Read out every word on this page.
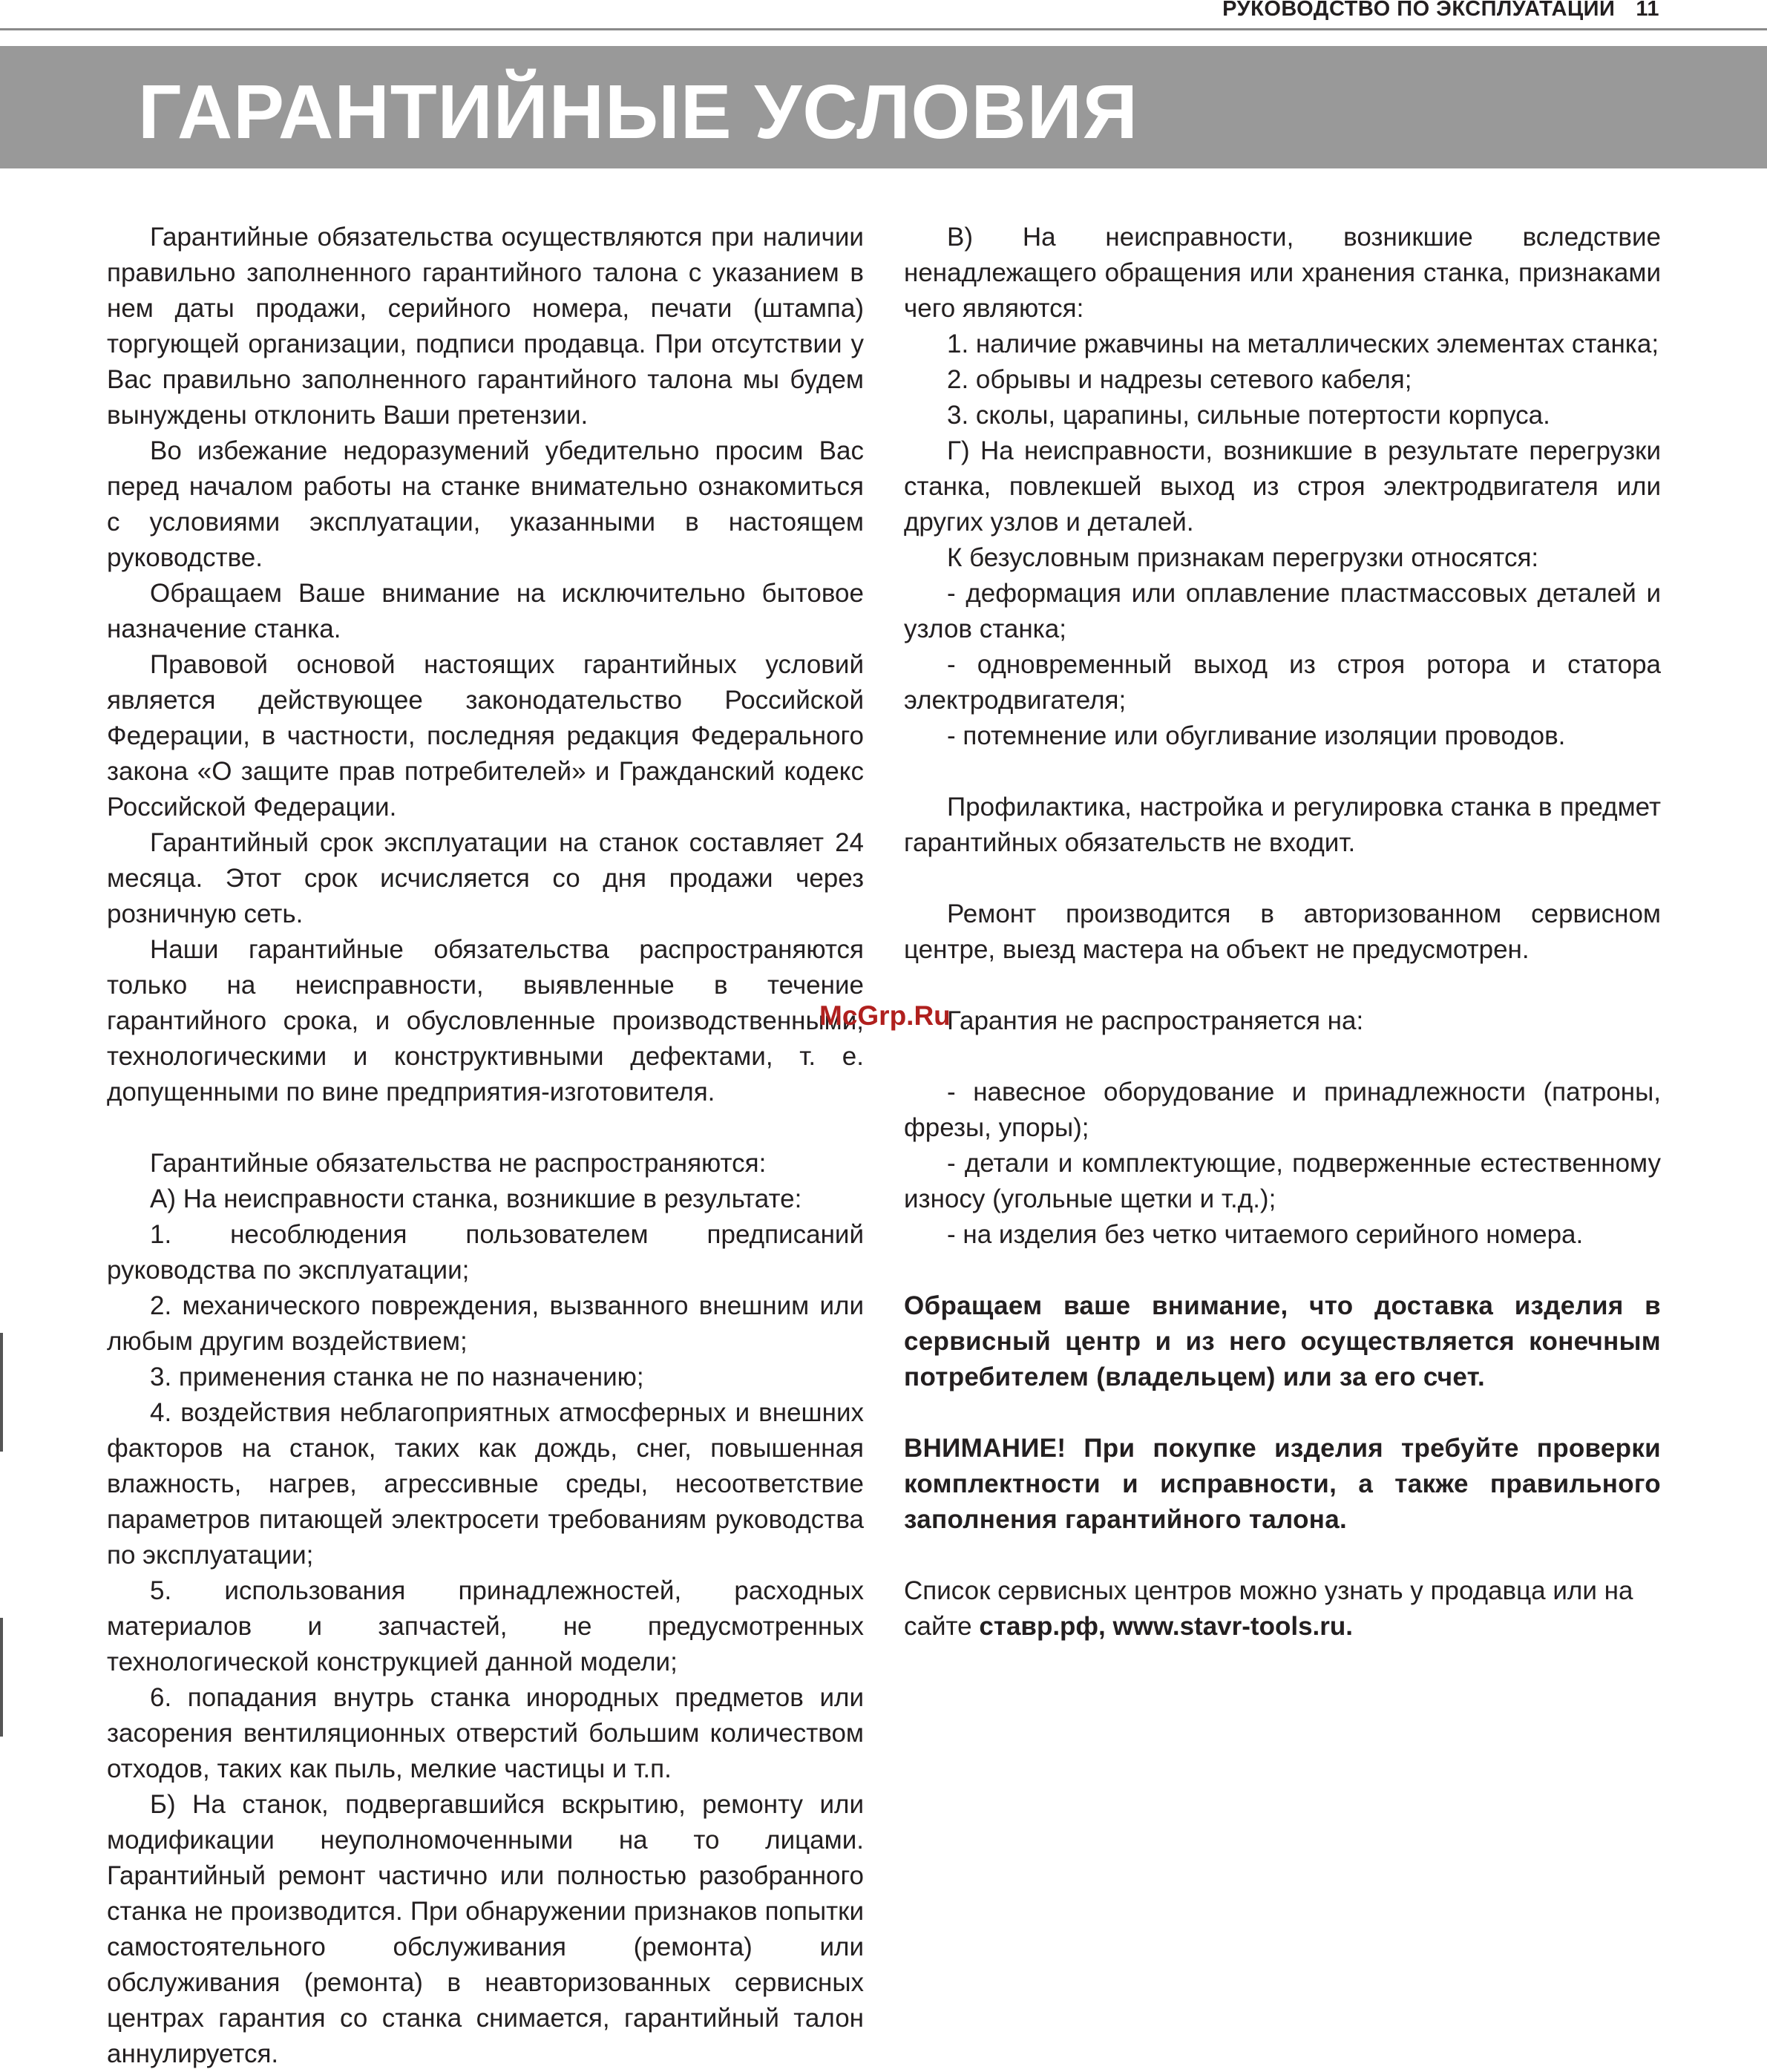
РУКОВОДСТВО ПО ЭКСПЛУАТАЦИИ 11
ГАРАНТИЙНЫЕ УСЛОВИЯ

Гарантийные обязательства осуществляются при наличии правильно заполненного гарантийного талона с указанием в нем даты продажи, серийного номера, печати (штампа) торгующей организации, подписи продавца. При отсутствии у Вас правильно заполненного гарантийного талона мы будем вынуждены отклонить Ваши претензии.

Во избежание недоразумений убедительно просим Вас перед началом работы на станке внимательно ознакомиться с условиями эксплуатации, указанными в настоящем руководстве.

Обращаем Ваше внимание на исключительно бытовое назначение станка.

Правовой основой настоящих гарантийных условий является действующее законодательство Российской Федерации, в частности, последняя редакция Федерального закона «О защите прав потребителей» и Гражданский кодекс Российской Федерации.

Гарантийный срок эксплуатации на станок составляет 24 месяца. Этот срок исчисляется со дня продажи через розничную сеть.

Наши гарантийные обязательства распространяются только на неисправности, выявленные в течение гарантийного срока, и обусловленные производственными, технологическими и конструктивными дефектами, т. е. допущенными по вине предприятия-изготовителя.

Гарантийные обязательства не распространяются:

А) На неисправности станка, возникшие в результате:

1. несоблюдения пользователем предписаний руководства по эксплуатации;

2. механического повреждения, вызванного внешним или любым другим воздействием;

3. применения станка не по назначению;

4. воздействия неблагоприятных атмосферных и внешних факторов на станок, таких как дождь, снег, повышенная влажность, нагрев, агрессивные среды, несоответствие параметров питающей электросети требованиям руководства по эксплуатации;

5. использования принадлежностей, расходных материалов и запчастей, не предусмотренных технологической конструкцией данной модели;

6. попадания внутрь станка инородных предметов или засорения вентиляционных отверстий большим количеством отходов, таких как пыль, мелкие частицы и т.п.

Б) На станок, подвергавшийся вскрытию, ремонту или модификации неуполномоченными на то лицами. Гарантийный ремонт частично или полностью разобранного станка не производится. При обнаружении признаков попытки самостоятельного обслуживания (ремонта) или обслуживания (ремонта) в неавторизованных сервисных центрах гарантия со станка снимается, гарантийный талон аннулируется.

McGrp.Ru

В) На неисправности, возникшие вследствие ненадлежащего обращения или хранения станка, признаками чего являются:

1. наличие ржавчины на металлических элементах станка;

2. обрывы и надрезы сетевого кабеля;

3. сколы, царапины, сильные потертости корпуса.

Г) На неисправности, возникшие в результате перегрузки станка, повлекшей выход из строя электродвигателя или других узлов и деталей.

К безусловным признакам перегрузки относятся:

- деформация или оплавление пластмассовых деталей и узлов станка;

- одновременный выход из строя ротора и статора электродвигателя;

- потемнение или обугливание изоляции проводов.

Профилактика, настройка и регулировка станка в предмет гарантийных обязательств не входит.

Ремонт производится в авторизованном сервисном центре, выезд мастера на объект не предусмотрен.

Гарантия не распространяется на:

- навесное оборудование и принадлежности (патроны, фрезы, упоры);

- детали и комплектующие, подверженные естественному износу (угольные щетки и т.д.);

- на изделия без четко читаемого серийного номера.

Обращаем ваше внимание, что доставка изделия в сервисный центр и из него осуществляется конечным потребителем (владельцем) или за его счет.

ВНИМАНИЕ! При покупке изделия требуйте проверки комплектности и исправности, а также правильного заполнения гарантийного талона.

Список сервисных центров можно узнать у продавца или на сайте ставр.рф, www.stavr-tools.ru.
